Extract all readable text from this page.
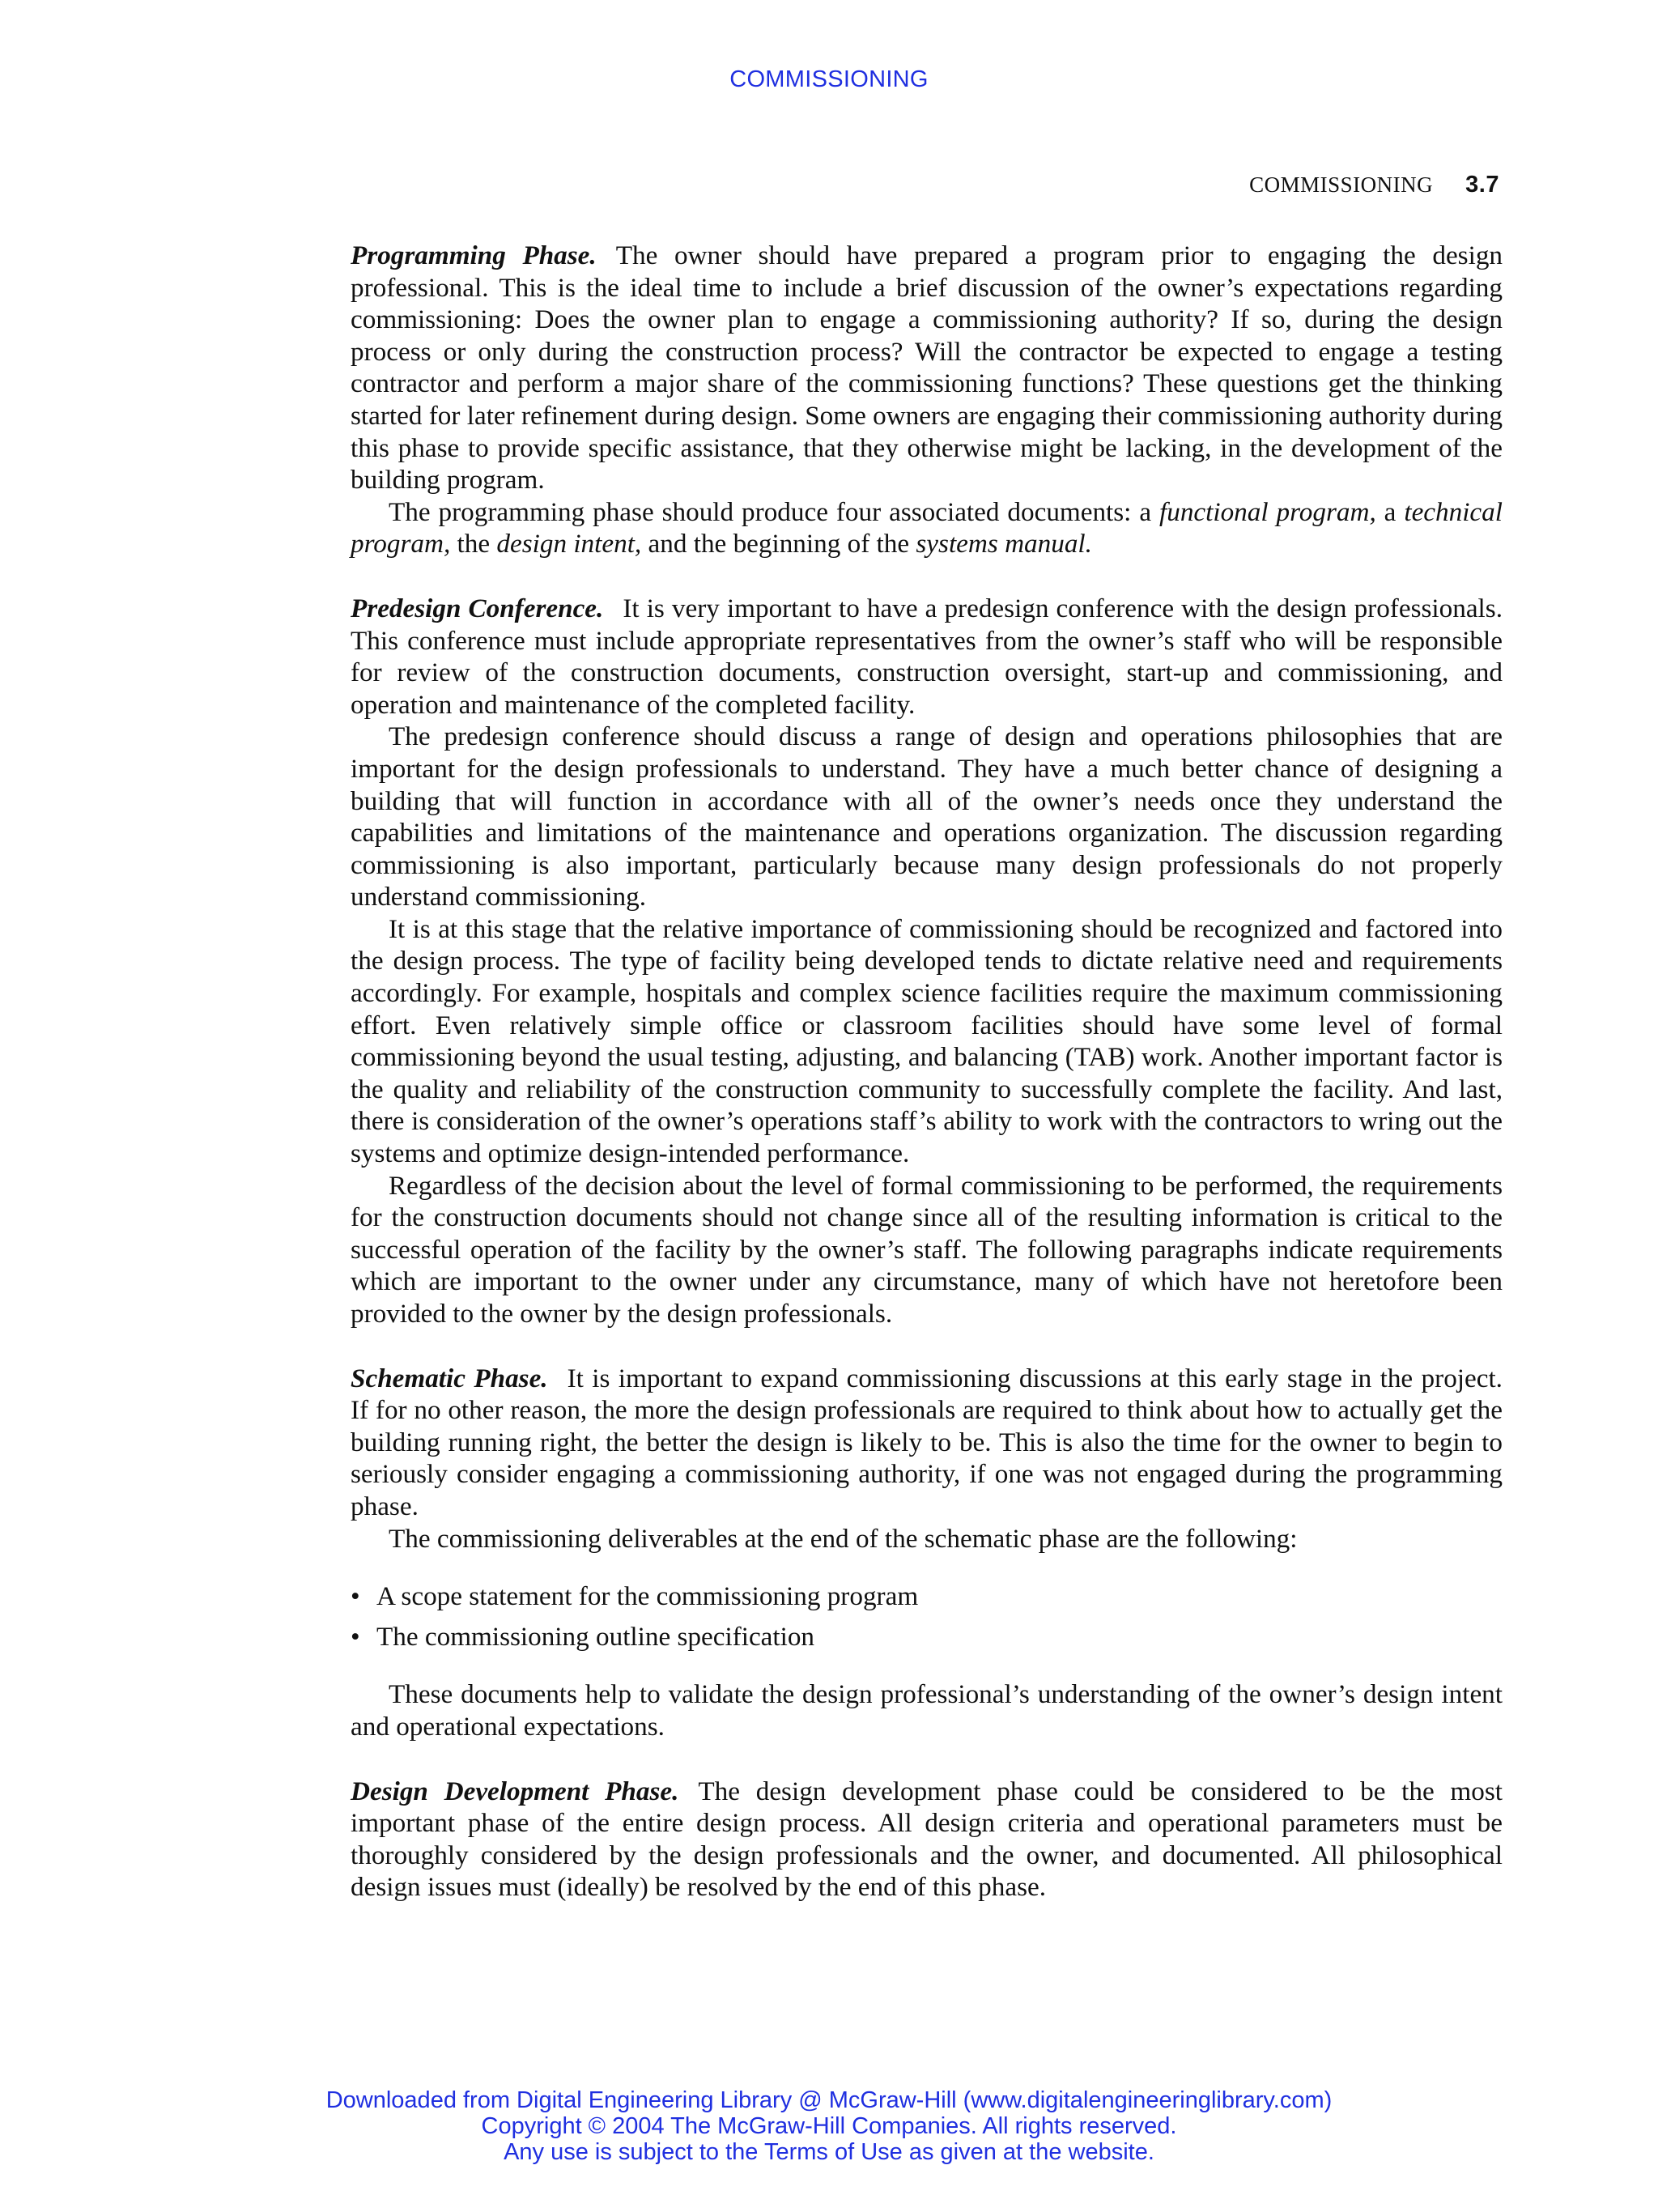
COMMISSIONING
COMMISSIONING 3.7

Programming Phase. The owner should have prepared a program prior to engaging the design professional. This is the ideal time to include a brief discussion of the owner’s expectations regarding commissioning: Does the owner plan to engage a commissioning authority? If so, during the design process or only during the construction process? Will the contractor be expected to engage a testing contractor and perform a major share of the commissioning functions? These questions get the thinking started for later refinement during design. Some owners are engaging their commissioning authority during this phase to provide specific assistance, that they otherwise might be lacking, in the development of the building program.

The programming phase should produce four associated documents: a functional program, a technical program, the design intent, and the beginning of the systems manual.

Predesign Conference. It is very important to have a predesign conference with the design professionals. This conference must include appropriate representatives from the owner’s staff who will be responsible for review of the construction documents, construction oversight, start-up and commissioning, and operation and maintenance of the completed facility.

The predesign conference should discuss a range of design and operations philosophies that are important for the design professionals to understand. They have a much better chance of designing a building that will function in accordance with all of the owner’s needs once they understand the capabilities and limitations of the maintenance and operations organization. The discussion regarding commissioning is also important, particularly because many design professionals do not properly understand commissioning.

It is at this stage that the relative importance of commissioning should be recognized and factored into the design process. The type of facility being developed tends to dictate relative need and requirements accordingly. For example, hospitals and complex science facilities require the maximum commissioning effort. Even relatively simple office or classroom facilities should have some level of formal commissioning beyond the usual testing, adjusting, and balancing (TAB) work. Another important factor is the quality and reliability of the construction community to successfully complete the facility. And last, there is consideration of the owner’s operations staff’s ability to work with the contractors to wring out the systems and optimize design-intended performance.

Regardless of the decision about the level of formal commissioning to be performed, the requirements for the construction documents should not change since all of the resulting information is critical to the successful operation of the facility by the owner’s staff. The following paragraphs indicate requirements which are important to the owner under any circumstance, many of which have not heretofore been provided to the owner by the design professionals.

Schematic Phase. It is important to expand commissioning discussions at this early stage in the project. If for no other reason, the more the design professionals are required to think about how to actually get the building running right, the better the design is likely to be. This is also the time for the owner to begin to seriously consider engaging a commissioning authority, if one was not engaged during the programming phase.

The commissioning deliverables at the end of the schematic phase are the following:

• A scope statement for the commissioning program
• The commissioning outline specification

These documents help to validate the design professional’s understanding of the owner’s design intent and operational expectations.

Design Development Phase. The design development phase could be considered to be the most important phase of the entire design process. All design criteria and operational parameters must be thoroughly considered by the design professionals and the owner, and documented. All philosophical design issues must (ideally) be resolved by the end of this phase.

Downloaded from Digital Engineering Library @ McGraw-Hill (www.digitalengineeringlibrary.com)
Copyright © 2004 The McGraw-Hill Companies. All rights reserved.
Any use is subject to the Terms of Use as given at the website.
